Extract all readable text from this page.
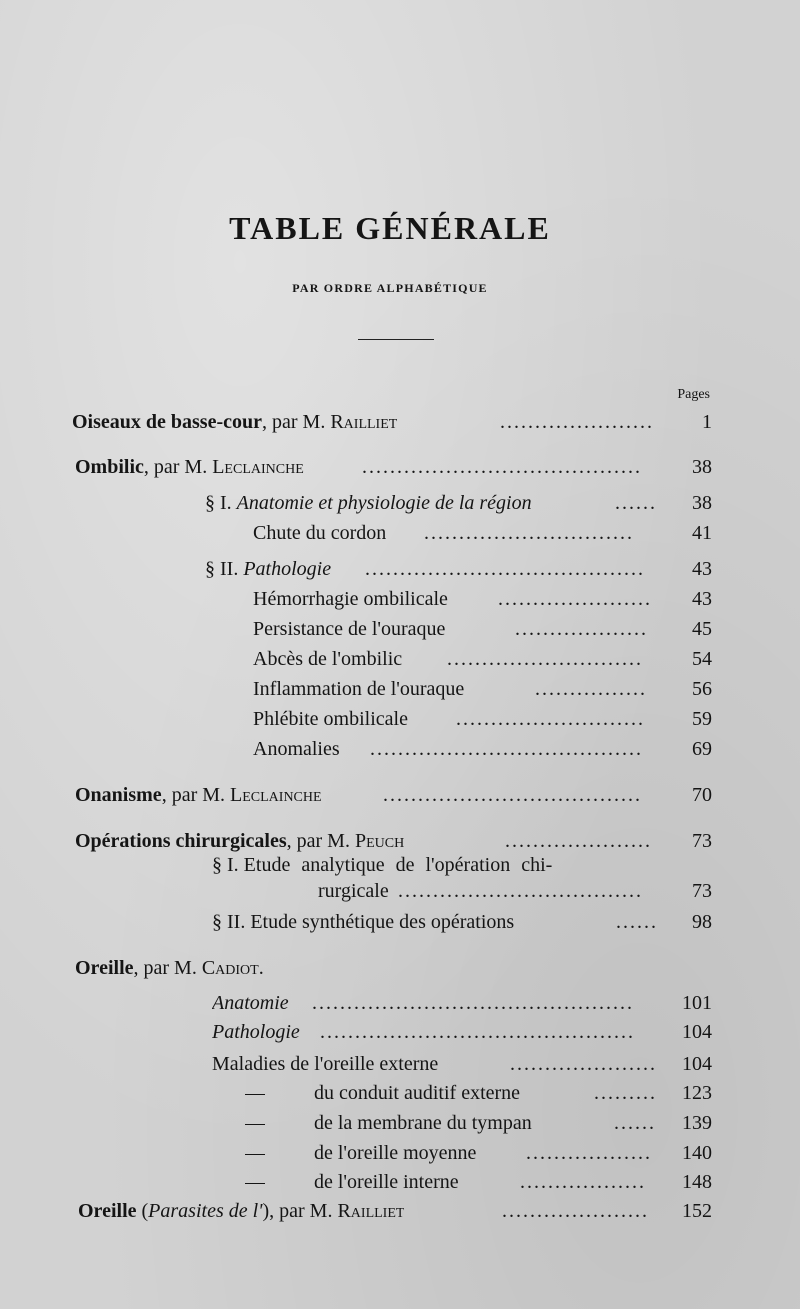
TABLE GÉNÉRALE
PAR ORDRE ALPHABÉTIQUE
Pages
Oiseaux de basse-cour, par M. Railliet	......................	1
Ombilic, par M. Leclainche	........................................	38
§ I. Anatomie et physiologie de la région	...... 38
Chute du cordon ..............................	41
§ II. Pathologie ........................................	43
Hémorrhagie ombilicale	......................	43
Persistance de l'ouraque	...................	45
Abcès de l'ombilic ............................	54
Inflammation de l'ouraque	................	56
Phlébite ombilicale ...........................	59
Anomalies .......................................	69
Onanisme, par M. Leclainche	.....................................	70
Opérations chirurgicales, par M. Peuch	.....................	73
§ I. Etude analytique de l'opération chi-
rurgicale ...................................	73
§ II. Etude synthétique des opérations	...... 98
Oreille, par M. Cadiot.
Anatomie ..............................................	101
Pathologie .............................................	104
Maladies de l'oreille externe	..................... 104
— du conduit auditif externe	......... 123
— de la membrane du tympan	......	139
— de l'oreille moyenne ..................	140
— de l'oreille interne	..................	148
Oreille (Parasites de l'), par M. Railliet	.....................	152
